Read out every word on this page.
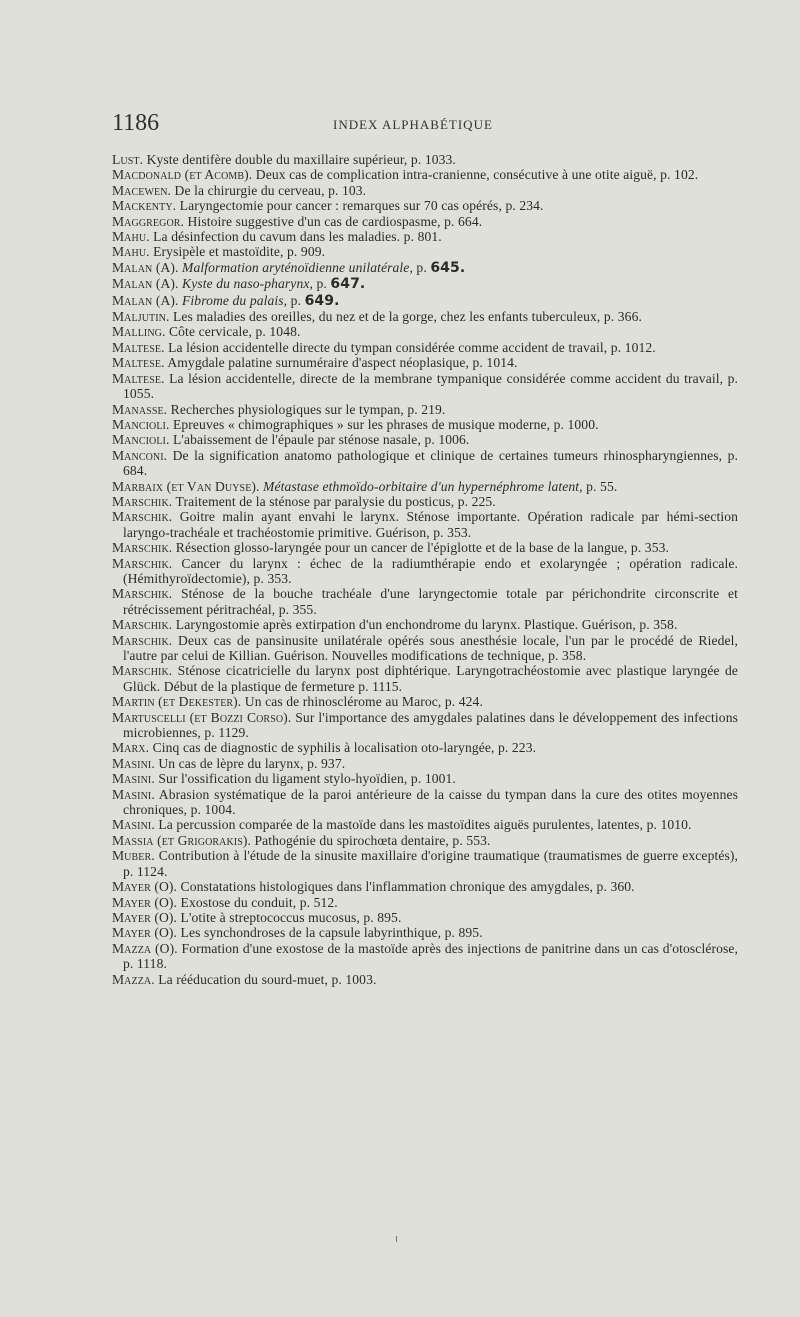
1186	INDEX ALPHABÉTIQUE

Lust. Kyste dentifère double du maxillaire supérieur, p. 1033.

Macdonald (et Acomb). Deux cas de complication intra-cranienne, consécutive à une otite aiguë, p. 102.

Macewen. De la chirurgie du cerveau, p. 103.

Mackenty. Laryngectomie pour cancer : remarques sur 70 cas opérés, p. 234.

Maggregor. Histoire suggestive d'un cas de cardiospasme, p. 664.

Mahu. La désinfection du cavum dans les maladies. p. 801.

Mahu. Erysipèle et mastoïdite, p. 909.

Malan (A). Malformation aryténoïdienne unilatérale, p. 645.

Malan (A). Kyste du naso-pharynx, p. 647.

Malan (A). Fibrome du palais, p. 649.

Maljutin. Les maladies des oreilles, du nez et de la gorge, chez les enfants tuberculeux, p. 366.

Malling. Côte cervicale, p. 1048.

Maltese. La lésion accidentelle directe du tympan considérée comme accident de travail, p. 1012.

Maltese. Amygdale palatine surnuméraire d'aspect néoplasique, p. 1014.

Maltese. La lésion accidentelle, directe de la membrane tympanique considérée comme accident du travail, p. 1055.

Manasse. Recherches physiologiques sur le tympan, p. 219.

Mancioli. Epreuves « chimographiques » sur les phrases de musique moderne, p. 1000.

Mancioli. L'abaissement de l'épaule par sténose nasale, p. 1006.

Manconi. De la signification anatomo pathologique et clinique de certaines tumeurs rhinospharyngiennes, p. 684.

Marbaix (et Van Duyse). Métastase ethmoïdo-orbitaire d'un hypernéphrome latent, p. 55.

Marschik. Traitement de la sténose par paralysie du posticus, p. 225.

Marschik. Goitre malin ayant envahi le larynx. Sténose importante. Opération radicale par hémi-section laryngo-trachéale et trachéostomie primitive. Guérison, p. 353.

Marschik. Résection glosso-laryngée pour un cancer de l'épiglotte et de la base de la langue, p. 353.

Marschik. Cancer du larynx : échec de la radiumthérapie endo et exolaryngée ; opération radicale. (Hémithyroïdectomie), p. 353.

Marschik. Sténose de la bouche trachéale d'une laryngectomie totale par périchondrite circonscrite et rétrécissement péritrachéal, p. 355.

Marschik. Laryngostomie après extirpation d'un enchondrome du larynx. Plastique. Guérison, p. 358.

Marschik. Deux cas de pansinusite unilatérale opérés sous anesthésie locale, l'un par le procédé de Riedel, l'autre par celui de Killian. Guérison. Nouvelles modifications de technique, p. 358.

Marschik. Sténose cicatricielle du larynx post diphtérique. Laryngotrachéostomie avec plastique laryngée de Glück. Début de la plastique de fermeture p. 1115.

Martin (et Dekester). Un cas de rhinosclérome au Maroc, p. 424.

Martuscelli (et Bozzi Corso). Sur l'importance des amygdales palatines dans le développement des infections microbiennes, p. 1129.

Marx. Cinq cas de diagnostic de syphilis à localisation oto-laryngée, p. 223.

Masini. Un cas de lèpre du larynx, p. 937.

Masini. Sur l'ossification du ligament stylo-hyoïdien, p. 1001.

Masini. Abrasion systématique de la paroi antérieure de la caisse du tympan dans la cure des otites moyennes chroniques, p. 1004.

Masini. La percussion comparée de la mastoïde dans les mastoïdites aiguës purulentes, latentes, p. 1010.

Massia (et Grigorakis). Pathogénie du spirochœta dentaire, p. 553.

Muber. Contribution à l'étude de la sinusite maxillaire d'origine traumatique (traumatismes de guerre exceptés), p. 1124.

Mayer (O). Constatations histologiques dans l'inflammation chronique des amygdales, p. 360.

Mayer (O). Exostose du conduit, p. 512.

Mayer (O). L'otite à streptococcus mucosus, p. 895.

Mayer (O). Les synchondroses de la capsule labyrinthique, p. 895.

Mazza (O). Formation d'une exostose de la mastoïde après des injections de panitrine dans un cas d'otosclérose, p. 1118.

Mazza. La rééducation du sourd-muet, p. 1003.
